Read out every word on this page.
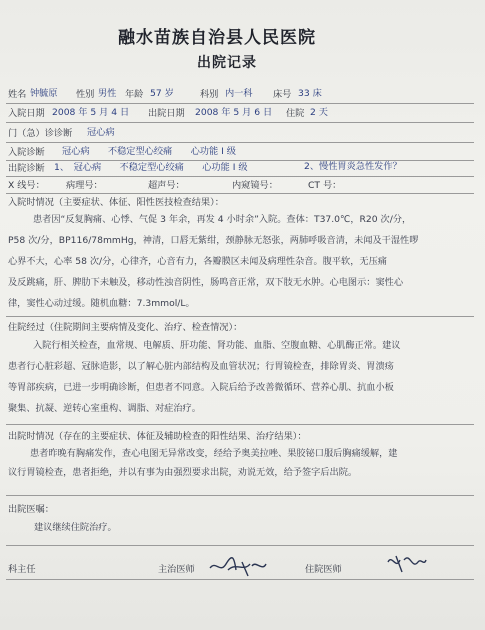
融水苗族自治县人民医院
出院记录
姓名 钟毓原 性别 男性 年龄 57 岁	科别 内一科 床号 33 床
入院日期 2008 年 5 月 4 日 出院日期 2008 年 5 月 6 日 住院 2 天
门（急）诊诊断 冠心病
入院诊断 冠心病　　不稳定型心绞痛　　心功能 I 级
出院诊断 1、　冠心病　　不稳定型心绞痛　　心功能 I 级	2、慢性胃炎急性发作？
X 线号： 病理号：	超声号：	内窥镜号：	CT 号：
入院时情况（主要症状、体征、阳性医技检查结果）：
患者因“反复胸痛、心悸、气促 3 年余，再发 4 小时余”入院。查体：T37.0℃，R20 次/分，
P58 次/分，BP116/78mmHg，神清，口唇无紫绀，颈静脉无怒张，两肺呼吸音清，未闻及干湿性啰
心界不大，心率 58 次/分，心律齐，心音有力，各瓣膜区未闻及病理性杂音。腹平软，无压痛
及反跳痛，肝、脾肋下未触及，移动性浊音阴性，肠鸣音正常，双下肢无水肿。心电图示：窦性心
律，窦性心动过缓。随机血糖：7.3mmol/L。
住院经过（住院期间主要病情及变化、治疗、检查情况）：
入院行相关检查，血常规、电解质、肝功能、肾功能、血脂、空腹血糖、心肌酶正常。建议
患者行心脏彩超、冠脉造影，以了解心脏内部结构及血管状况；行胃镜检查，排除胃炎、胃溃疡
等胃部疾病，已进一步明确诊断，但患者不同意。入院后给予改善微循环、营养心肌、抗血小板
聚集、抗凝、逆转心室重构、调脂、对症治疗。
出院时情况（存在的主要症状、体征及辅助检查的阳性结果、治疗结果）：
患者昨晚有胸痛发作，查心电图无异常改变，经给予奥美拉唑、果胶铋口服后胸痛缓解，建
议行胃镜检查，患者拒绝，并以有事为由强烈要求出院，劝说无效，给予签字后出院。
出院医嘱：
建议继续住院治疗。
科主任	主治医师	住院医师
